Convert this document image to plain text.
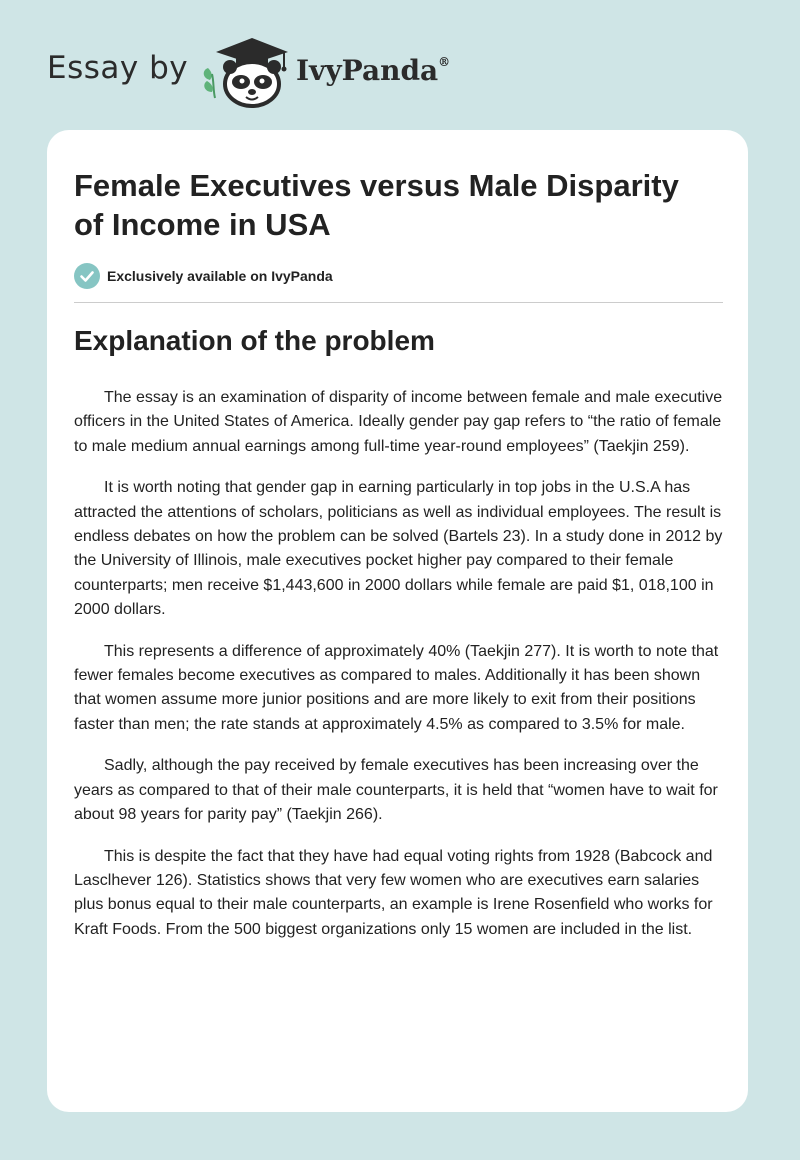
Essay by	IvyPanda®
Female Executives versus Male Disparity of Income in USA
Exclusively available on IvyPanda
Explanation of the problem

The essay is an examination of disparity of income between female and male executive officers in the United States of America. Ideally gender pay gap refers to “the ratio of female to male medium annual earnings among full-time year-round employees” (Taekjin 259).

It is worth noting that gender gap in earning particularly in top jobs in the U.S.A has attracted the attentions of scholars, politicians as well as individual employees. The result is endless debates on how the problem can be solved (Bartels 23). In a study done in 2012 by the University of Illinois, male executives pocket higher pay compared to their female counterparts; men receive $1,443,600 in 2000 dollars while female are paid $1, 018,100 in 2000 dollars.

This represents a difference of approximately 40% (Taekjin 277). It is worth to note that fewer females become executives as compared to males. Additionally it has been shown that women assume more junior positions and are more likely to exit from their positions faster than men; the rate stands at approximately 4.5% as compared to 3.5% for male.

Sadly, although the pay received by female executives has been increasing over the years as compared to that of their male counterparts, it is held that “women have to wait for about 98 years for parity pay” (Taekjin 266).

This is despite the fact that they have had equal voting rights from 1928 (Babcock and Lasclhever 126). Statistics shows that very few women who are executives earn salaries plus bonus equal to their male counterparts, an example is Irene Rosenfield who works for Kraft Foods. From the 500 biggest organizations only 15 women are included in the list.
